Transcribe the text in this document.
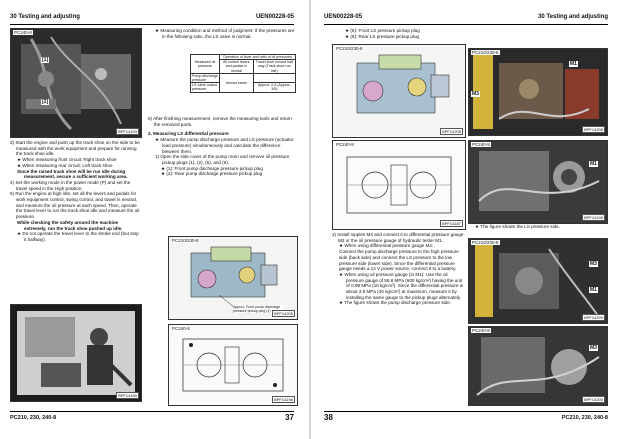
30 Testing and adjusting	UEN00228-05
PC240-8
[1]
[2]
BPF14193

3) Start the engine and push up the track shoe on the side to be measured with the work equipment and prepare for running the track shoe idle.

★ When measuring front circuit: Right track shoe

★ When measuring rear circuit: Left track shoe

Since the raised track shoe will be run idle during measurement, secure a sufficient working area.

4) Set the working mode in the power mode (P) and set the travel speed in the High position.

5) Run the engine at high idle, set all the levers and pedals for work equipment control, swing control, and travel in neutral, and measure the oil pressure at each speed. Then, operate the travel lever to run the track shoe idle and measure the oil pressure.

While checking the safety around the machine extremely, run the track shoe pushed up idle.

★ Do not operate the travel lever to the stroke end (but stop it halfway).

BPF14180

★ Measuring condition and method of judgment: If the pressures are in the following ratio, the LS valve is normal.

Measured oil pressure	Operation of lever and ratio of oil pressures	
	All control levers and pedals in neutral	Travel lever moved half way (Track shoe run idle)
Pump discharge pressure	Almost same	
LS valve output pressure		Approx. 0.6 (Approx. 3/5)

6) After finishing measurement, remove the measuring tools and return the removed parts.

2. Measuring LS differential pressure

★ Measure the pump discharge pressure and LS pressure (actuator load pressure) simultaneously and calculate the difference between them.

1) Open the side cover of the pump room and remove oil pressure pickup plugs (1), (2), (5), and (6).

★ (1): Front pump discharge pressure pickup plug

★ (2): Rear pump discharge pressure pickup plug

PC210/230-8
Approx. Front pump discharge pressure pickup plug (1) BPF14205
PC240-8
BPF14196
PC210, 230, 240-8	37
UEN00228-05	30 Testing and adjusting

★ (5): Front LS pressure pickup plug

★ (6): Rear LS pressure pickup plug

PC210/230-8
BPF14205
PC240-8
BPF14187

2) Install nipples M3 and connect it to differential pressure gauge M2 or the oil pressure gauge of hydraulic tester M1.

★ When using differential pressure gauge M2:

Connect the pump discharge pressure to the high pressure side (back side) and connect the LS pressure to the low pressure side (lower side). Since the differential pressure gauge needs a 12 V power source, connect it to a battery.

★ When using oil pressure gauge (in M1): Use the oil pressure gauge of 58.8 MPa (600 kg/cm²) having the unit of 0.98 MPa (10 kg/cm²). Since the differential pressure is about 3.9 MPa (40 kg/cm²) at maximum, measure it by installing the same gauge to the pickup plugs alternately.

★ The figure shows the pump discharge pressure side.

PC210/230-8
M3
M1
BPF14208
PC240-8
M1
BPF14199

★ The figure shows the LS pressure side.

PC210/230-8
M3
M1
BPF14209
PC240-8
M3
BPF14200
38	PC210, 230, 240-8
